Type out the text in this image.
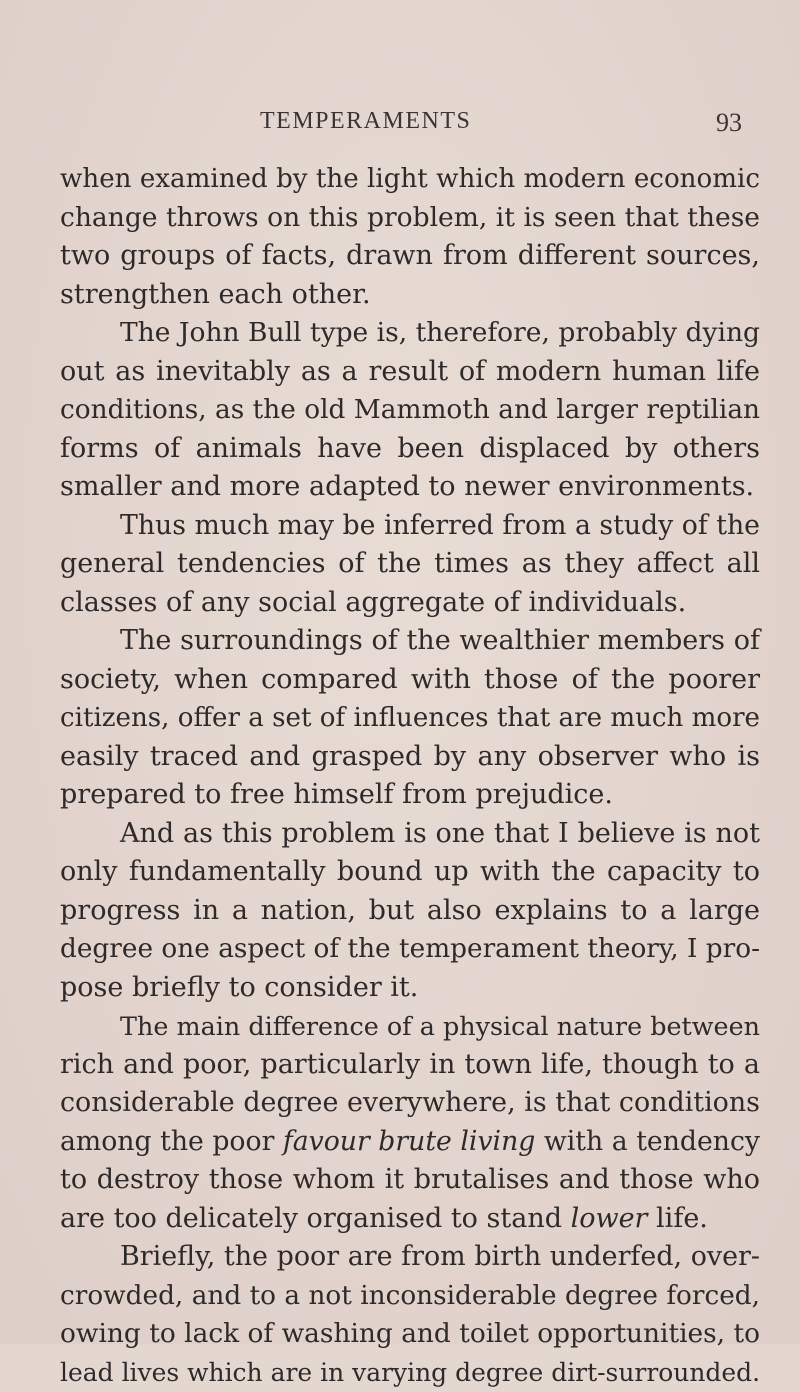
TEMPERAMENTS	93
when examined by the light which modern economic
change throws on this problem, it is seen that these
two groups of facts, drawn from different sources,
strengthen each other.
The John Bull type is, therefore, probably dying
out as inevitably as a result of modern human life
conditions, as the old Mammoth and larger reptilian
forms of animals have been displaced by others
smaller and more adapted to newer environments.
Thus much may be inferred from a study of the
general tendencies of the times as they affect all
classes of any social aggregate of individuals.
The surroundings of the wealthier members of
society, when compared with those of the poorer
citizens, offer a set of influences that are much more
easily traced and grasped by any observer who is
prepared to free himself from prejudice.
And as this problem is one that I believe is not
only fundamentally bound up with the capacity to
progress in a nation, but also explains to a large
degree one aspect of the temperament theory, I pro-
pose briefly to consider it.
The main difference of a physical nature between
rich and poor, particularly in town life, though to a
considerable degree everywhere, is that conditions
among the poor favour brute living with a tendency
to destroy those whom it brutalises and those who
are too delicately organised to stand lower life.
Briefly, the poor are from birth underfed, over-
crowded, and to a not inconsiderable degree forced,
owing to lack of washing and toilet opportunities, to
lead lives which are in varying degree dirt-surrounded.
